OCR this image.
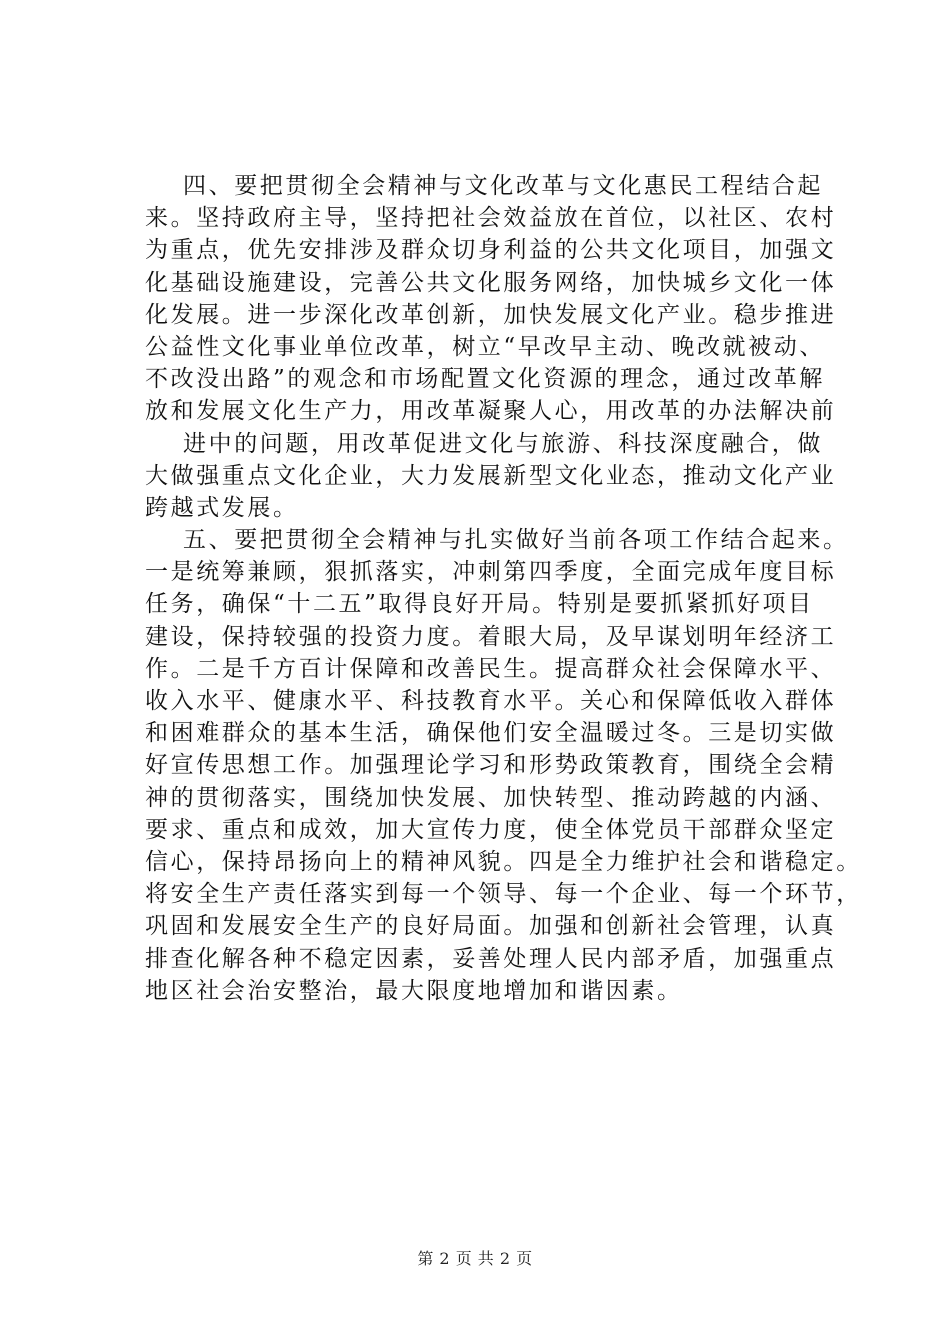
四、要把贯彻全会精神与文化改革与文化惠民工程结合起
来。坚持政府主导，坚持把社会效益放在首位，以社区、农村
为重点，优先安排涉及群众切身利益的公共文化项目，加强文
化基础设施建设，完善公共文化服务网络，加快城乡文化一体
化发展。进一步深化改革创新，加快发展文化产业。稳步推进
公益性文化事业单位改革，树立“早改早主动、晚改就被动、
不改没出路”的观念和市场配置文化资源的理念，通过改革解
放和发展文化生产力，用改革凝聚人心，用改革的办法解决前
进中的问题，用改革促进文化与旅游、科技深度融合，做
大做强重点文化企业，大力发展新型文化业态，推动文化产业
跨越式发展。
五、要把贯彻全会精神与扎实做好当前各项工作结合起来。
一是统筹兼顾，狠抓落实，冲刺第四季度，全面完成年度目标
任务，确保“十二五”取得良好开局。特别是要抓紧抓好项目
建设，保持较强的投资力度。着眼大局，及早谋划明年经济工
作。二是千方百计保障和改善民生。提高群众社会保障水平、
收入水平、健康水平、科技教育水平。关心和保障低收入群体
和困难群众的基本生活，确保他们安全温暖过冬。三是切实做
好宣传思想工作。加强理论学习和形势政策教育，围绕全会精
神的贯彻落实，围绕加快发展、加快转型、推动跨越的内涵、
要求、重点和成效，加大宣传力度，使全体党员干部群众坚定
信心，保持昂扬向上的精神风貌。四是全力维护社会和谐稳定。
将安全生产责任落实到每一个领导、每一个企业、每一个环节，
巩固和发展安全生产的良好局面。加强和创新社会管理，认真
排查化解各种不稳定因素，妥善处理人民内部矛盾，加强重点
地区社会治安整治，最大限度地增加和谐因素。
第 2 页 共 2 页
